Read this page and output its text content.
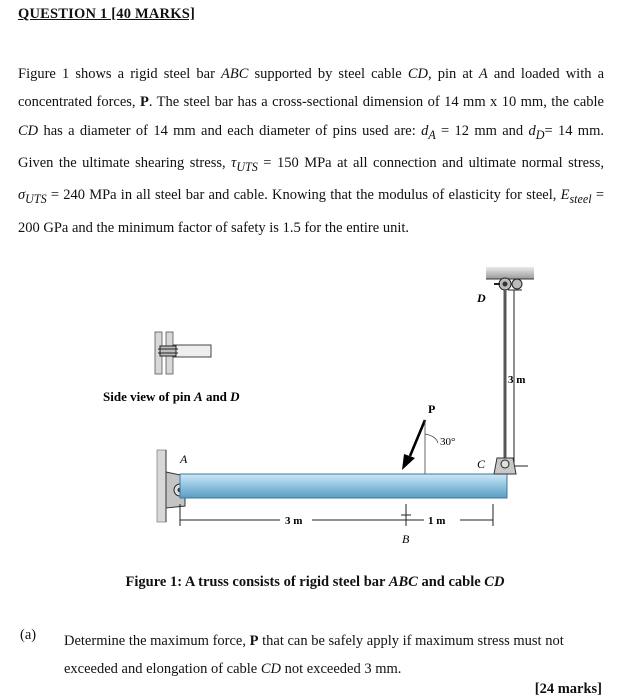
QUESTION 1 [40 MARKS]
Figure 1 shows a rigid steel bar ABC supported by steel cable CD, pin at A and loaded with a concentrated forces, P. The steel bar has a cross-sectional dimension of 14 mm x 10 mm, the cable CD has a diameter of 14 mm and each diameter of pins used are: $d_A = 12$ mm and $d_D= 14$ mm. Given the ultimate shearing stress, $\tau_{UTS} = 150$ MPa at all connection and ultimate normal stress, $\sigma_{UTS} = 240$ MPa in all steel bar and cable. Knowing that the modulus of elasticity for steel, $E_{steel} = 200$ GPa and the minimum factor of safety is 1.5 for the entire unit.
3 m
D
A	C
P
30°
3 m	1 m
B
Side view of pin A and D
Figure 1: A truss consists of rigid steel bar ABC and cable CD
(a) Determine the maximum force, P that can be safely apply if maximum stress must not exceeded and elongation of cable CD not exceeded 3 mm.
[24 marks]
